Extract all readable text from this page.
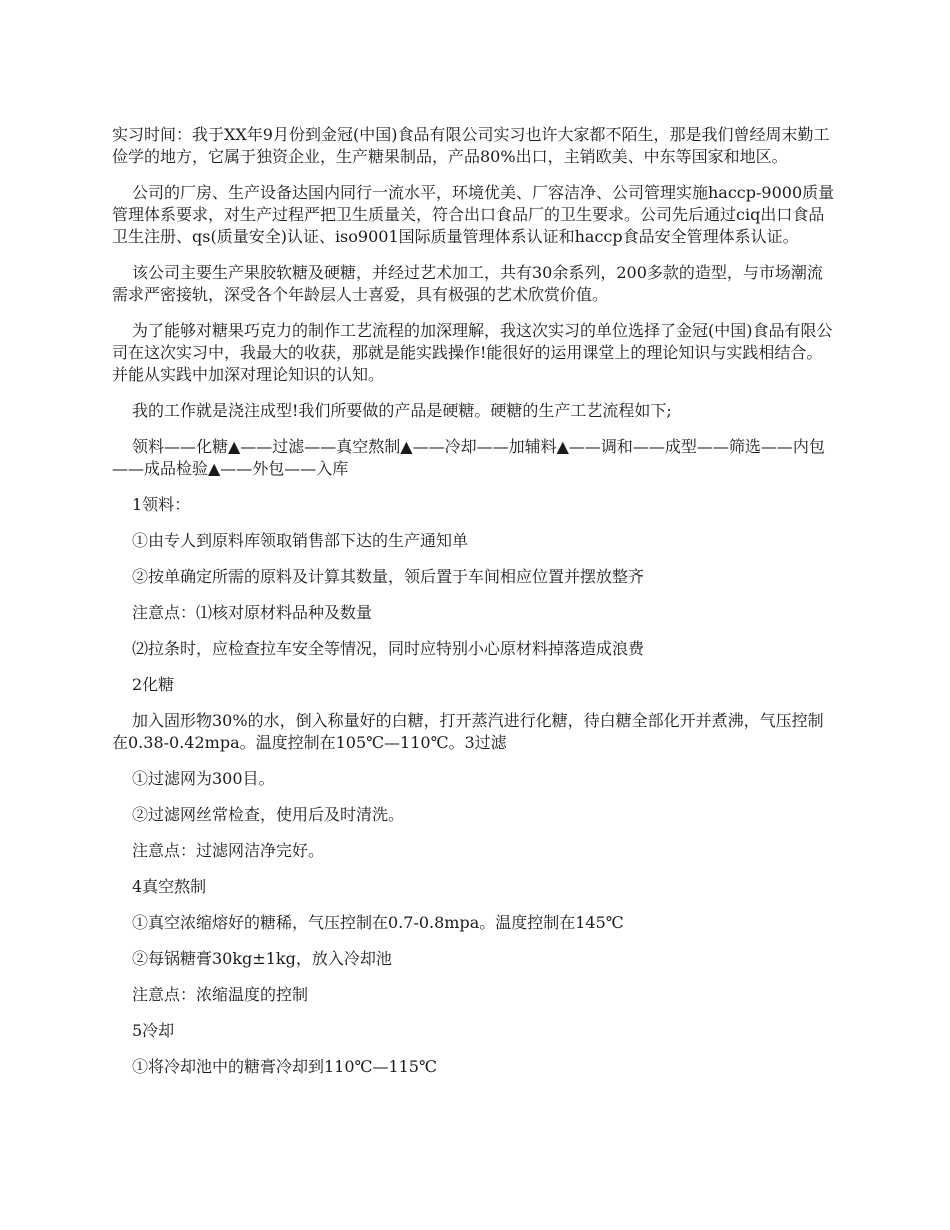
实习时间：我于XX年9月份到金冠(中国)食品有限公司实习也许大家都不陌生，那是我们曾经周末勤工俭学的地方，它属于独资企业，生产糖果制品，产品80%出口，主销欧美、中东等国家和地区。

公司的厂房、生产设备达国内同行一流水平，环境优美、厂容洁净、公司管理实施haccp-9000质量管理体系要求，对生产过程严把卫生质量关，符合出口食品厂的卫生要求。公司先后通过ciq出口食品卫生注册、qs(质量安全)认证、iso9001国际质量管理体系认证和haccp食品安全管理体系认证。

该公司主要生产果胶软糖及硬糖，并经过艺术加工，共有30余系列，200多款的造型，与市场潮流需求严密接轨，深受各个年龄层人士喜爱，具有极强的艺术欣赏价值。

为了能够对糖果巧克力的制作工艺流程的加深理解，我这次实习的单位选择了金冠(中国)食品有限公司在这次实习中，我最大的收获，那就是能实践操作!能很好的运用课堂上的理论知识与实践相结合。并能从实践中加深对理论知识的认知。

我的工作就是浇注成型!我们所要做的产品是硬糖。硬糖的生产工艺流程如下;

领料——化糖▲——过滤——真空熬制▲——冷却——加辅料▲——调和——成型——筛选——内包——成品检验▲——外包——入库

1领料：

①由专人到原料库领取销售部下达的生产通知单

②按单确定所需的原料及计算其数量，领后置于车间相应位置并摆放整齐

注意点：⑴核对原材料品种及数量

⑵拉条时，应检查拉车安全等情况，同时应特别小心原材料掉落造成浪费

2化糖

加入固形物30%的水，倒入称量好的白糖，打开蒸汽进行化糖，待白糖全部化开并煮沸，气压控制在0.38-0.42mpa。温度控制在105℃—110℃。3过滤

①过滤网为300目。

②过滤网丝常检查，使用后及时清洗。

注意点：过滤网洁净完好。

4真空熬制

①真空浓缩熔好的糖稀，气压控制在0.7-0.8mpa。温度控制在145℃

②每锅糖膏30kg±1kg，放入冷却池

注意点：浓缩温度的控制

5冷却

①将冷却池中的糖膏冷却到110℃—115℃
